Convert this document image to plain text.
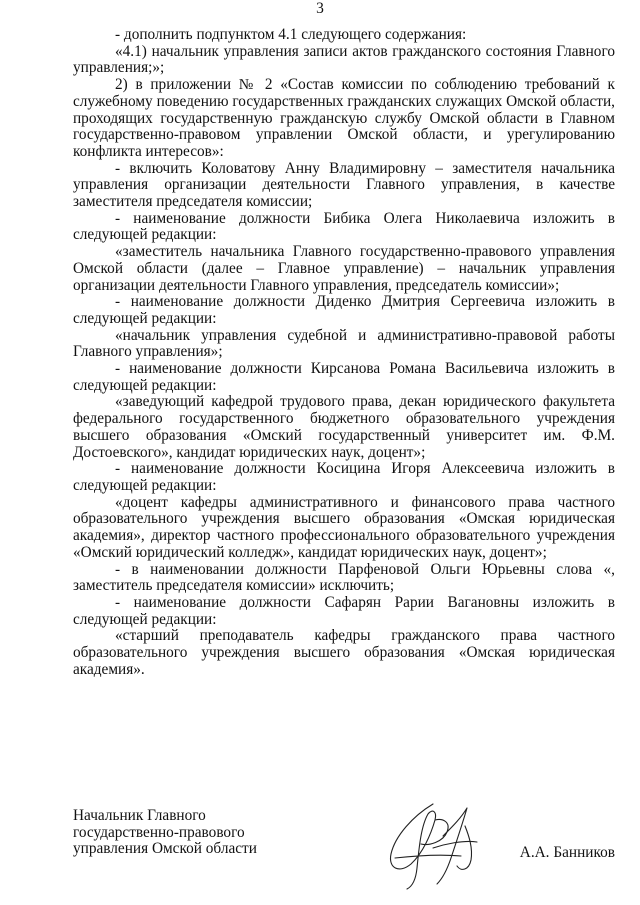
3

- дополнить подпунктом 4.1 следующего содержания:

«4.1) начальник управления записи актов гражданского состояния Главного управления;»;

2) в приложении № 2 «Состав комиссии по соблюдению требований к служебному поведению государственных гражданских служащих Омской области, проходящих государственную гражданскую службу Омской области в Главном государственно-правовом управлении Омской области, и урегулированию конфликта интересов»:

- включить Коловатову Анну Владимировну – заместителя начальника управления организации деятельности Главного управления, в качестве заместителя председателя комиссии;

- наименование должности Бибика Олега Николаевича изложить в следующей редакции:

«заместитель начальника Главного государственно-правового управления Омской области (далее – Главное управление) – начальник управления организации деятельности Главного управления, председатель комиссии»;

- наименование должности Диденко Дмитрия Сергеевича изложить в следующей редакции:

«начальник управления судебной и административно-правовой работы Главного управления»;

- наименование должности Кирсанова Романа Васильевича изложить в следующей редакции:

«заведующий кафедрой трудового права, декан юридического факультета федерального государственного бюджетного образовательного учреждения высшего образования «Омский государственный университет им. Ф.М. Достоевского», кандидат юридических наук, доцент»;

- наименование должности Косицина Игоря Алексеевича изложить в следующей редакции:

«доцент кафедры административного и финансового права частного образовательного учреждения высшего образования «Омская юридическая академия», директор частного профессионального образовательного учреждения «Омский юридический колледж», кандидат юридических наук, доцент»;

- в наименовании должности Парфеновой Ольги Юрьевны слова «, заместитель председателя комиссии» исключить;

- наименование должности Сафарян Рарии Вагановны изложить в следующей редакции:

«старший преподаватель кафедры гражданского права частного образовательного учреждения высшего образования «Омская юридическая академия».

Начальник Главного
государственно-правового
управления Омской области	А.А. Банников
